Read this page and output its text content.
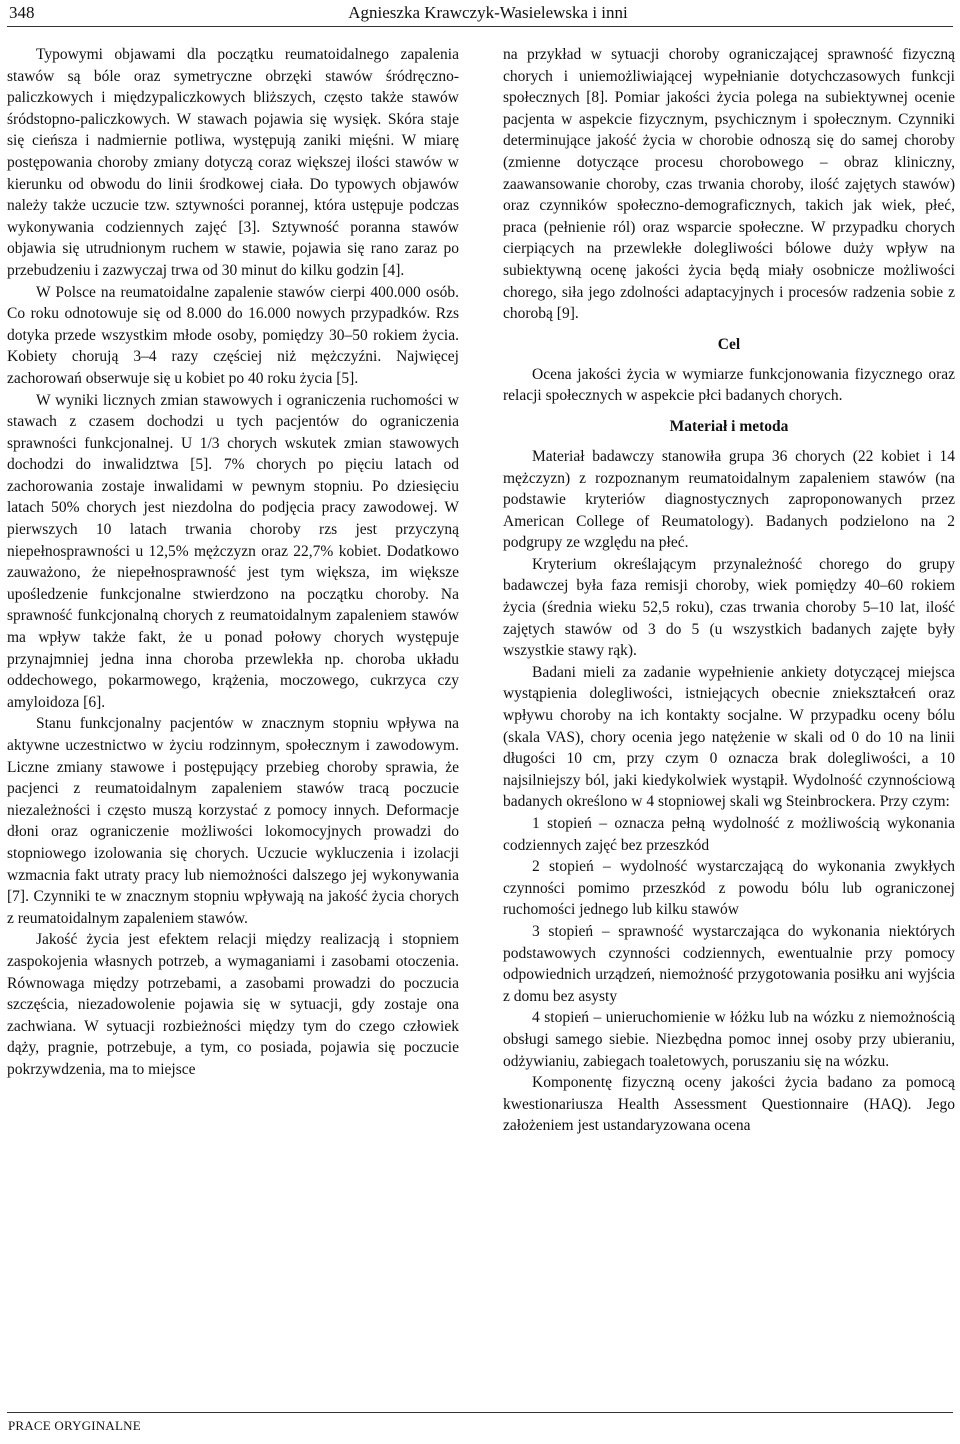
348	Agnieszka Krawczyk-Wasielewska i inni

Typowymi objawami dla początku reumatoidalnego zapalenia stawów są bóle oraz symetryczne obrzęki stawów śródręczno-paliczkowych i międzypaliczkowych bliższych, często także stawów śródstopno-paliczkowych. W stawach pojawia się wysięk. Skóra staje się cieńsza i nadmiernie potliwa, występują zaniki mięśni. W miarę postępowania choroby zmiany dotyczą coraz większej ilości stawów w kierunku od obwodu do linii środkowej ciała. Do typowych objawów należy także uczucie tzw. sztywności porannej, która ustępuje podczas wykonywania codziennych zajęć [3]. Sztywność poranna stawów objawia się utrudnionym ruchem w stawie, pojawia się rano zaraz po przebudzeniu i zazwyczaj trwa od 30 minut do kilku godzin [4].

W Polsce na reumatoidalne zapalenie stawów cierpi 400.000 osób. Co roku odnotowuje się od 8.000 do 16.000 nowych przypadków. Rzs dotyka przede wszystkim młode osoby, pomiędzy 30–50 rokiem życia. Kobiety chorują 3–4 razy częściej niż mężczyźni. Najwięcej zachorowań obserwuje się u kobiet po 40 roku życia [5].

W wyniki licznych zmian stawowych i ograniczenia ruchomości w stawach z czasem dochodzi u tych pacjentów do ograniczenia sprawności funkcjonalnej. U 1/3 chorych wskutek zmian stawowych dochodzi do inwalidztwa [5]. 7% chorych po pięciu latach od zachorowania zostaje inwalidami w pewnym stopniu. Po dziesięciu latach 50% chorych jest niezdolna do podjęcia pracy zawodowej. W pierwszych 10 latach trwania choroby rzs jest przyczyną niepełnosprawności u 12,5% mężczyzn oraz 22,7% kobiet. Dodatkowo zauważono, że niepełnosprawność jest tym większa, im większe upośledzenie funkcjonalne stwierdzono na początku choroby. Na sprawność funkcjonalną chorych z reumatoidalnym zapaleniem stawów ma wpływ także fakt, że u ponad połowy chorych występuje przynajmniej jedna inna choroba przewlekła np. choroba układu oddechowego, pokarmowego, krążenia, moczowego, cukrzyca czy amyloidoza [6].

Stanu funkcjonalny pacjentów w znacznym stopniu wpływa na aktywne uczestnictwo w życiu rodzinnym, społecznym i zawodowym. Liczne zmiany stawowe i postępujący przebieg choroby sprawia, że pacjenci z reumatoidalnym zapaleniem stawów tracą poczucie niezależności i często muszą korzystać z pomocy innych. Deformacje dłoni oraz ograniczenie możliwości lokomocyjnych prowadzi do stopniowego izolowania się chorych. Uczucie wykluczenia i izolacji wzmacnia fakt utraty pracy lub niemożności dalszego jej wykonywania [7]. Czynniki te w znacznym stopniu wpływają na jakość życia chorych z reumatoidalnym zapaleniem stawów.

Jakość życia jest efektem relacji między realizacją i stopniem zaspokojenia własnych potrzeb, a wymaganiami i zasobami otoczenia. Równowaga między potrzebami, a zasobami prowadzi do poczucia szczęścia, niezadowolenie pojawia się w sytuacji, gdy zostaje ona zachwiana. W sytuacji rozbieżności między tym do czego człowiek dąży, pragnie, potrzebuje, a tym, co posiada, pojawia się poczucie pokrzywdzenia, ma to miejsce

na przykład w sytuacji choroby ograniczającej sprawność fizyczną chorych i uniemożliwiającej wypełnianie dotychczasowych funkcji społecznych [8]. Pomiar jakości życia polega na subiektywnej ocenie pacjenta w aspekcie fizycznym, psychicznym i społecznym. Czynniki determinujące jakość życia w chorobie odnoszą się do samej choroby (zmienne dotyczące procesu chorobowego – obraz kliniczny, zaawansowanie choroby, czas trwania choroby, ilość zajętych stawów) oraz czynników społeczno-demograficznych, takich jak wiek, płeć, praca (pełnienie ról) oraz wsparcie społeczne. W przypadku chorych cierpiących na przewlekłe dolegliwości bólowe duży wpływ na subiektywną ocenę jakości życia będą miały osobnicze możliwości chorego, siła jego zdolności adaptacyjnych i procesów radzenia sobie z chorobą [9].

Cel

Ocena jakości życia w wymiarze funkcjonowania fizycznego oraz relacji społecznych w aspekcie płci badanych chorych.

Materiał i metoda

Materiał badawczy stanowiła grupa 36 chorych (22 kobiet i 14 mężczyzn) z rozpoznanym reumatoidalnym zapaleniem stawów (na podstawie kryteriów diagnostycznych zaproponowanych przez American College of Reumatology). Badanych podzielono na 2 podgrupy ze względu na płeć.

Kryterium określającym przynależność chorego do grupy badawczej była faza remisji choroby, wiek pomiędzy 40–60 rokiem życia (średnia wieku 52,5 roku), czas trwania choroby 5–10 lat, ilość zajętych stawów od 3 do 5 (u wszystkich badanych zajęte były wszystkie stawy rąk).

Badani mieli za zadanie wypełnienie ankiety dotyczącej miejsca wystąpienia dolegliwości, istniejących obecnie zniekształceń oraz wpływu choroby na ich kontakty socjalne. W przypadku oceny bólu (skala VAS), chory ocenia jego natężenie w skali od 0 do 10 na linii długości 10 cm, przy czym 0 oznacza brak dolegliwości, a 10 najsilniejszy ból, jaki kiedykolwiek wystąpił. Wydolność czynnościową badanych określono w 4 stopniowej skali wg Steinbrockera. Przy czym:

1 stopień – oznacza pełną wydolność z możliwością wykonania codziennych zajęć bez przeszkód

2 stopień – wydolność wystarczającą do wykonania zwykłych czynności pomimo przeszkód z powodu bólu lub ograniczonej ruchomości jednego lub kilku stawów

3 stopień – sprawność wystarczająca do wykonania niektórych podstawowych czynności codziennych, ewentualnie przy pomocy odpowiednich urządzeń, niemożność przygotowania posiłku ani wyjścia z domu bez asysty

4 stopień – unieruchomienie w łóżku lub na wózku z niemożnością obsługi samego siebie. Niezbędna pomoc innej osoby przy ubieraniu, odżywianiu, zabiegach toaletowych, poruszaniu się na wózku.

Komponentę fizyczną oceny jakości życia badano za pomocą kwestionariusza Health Assessment Questionnaire (HAQ). Jego założeniem jest ustandaryzowana ocena

PRACE ORYGINALNE
